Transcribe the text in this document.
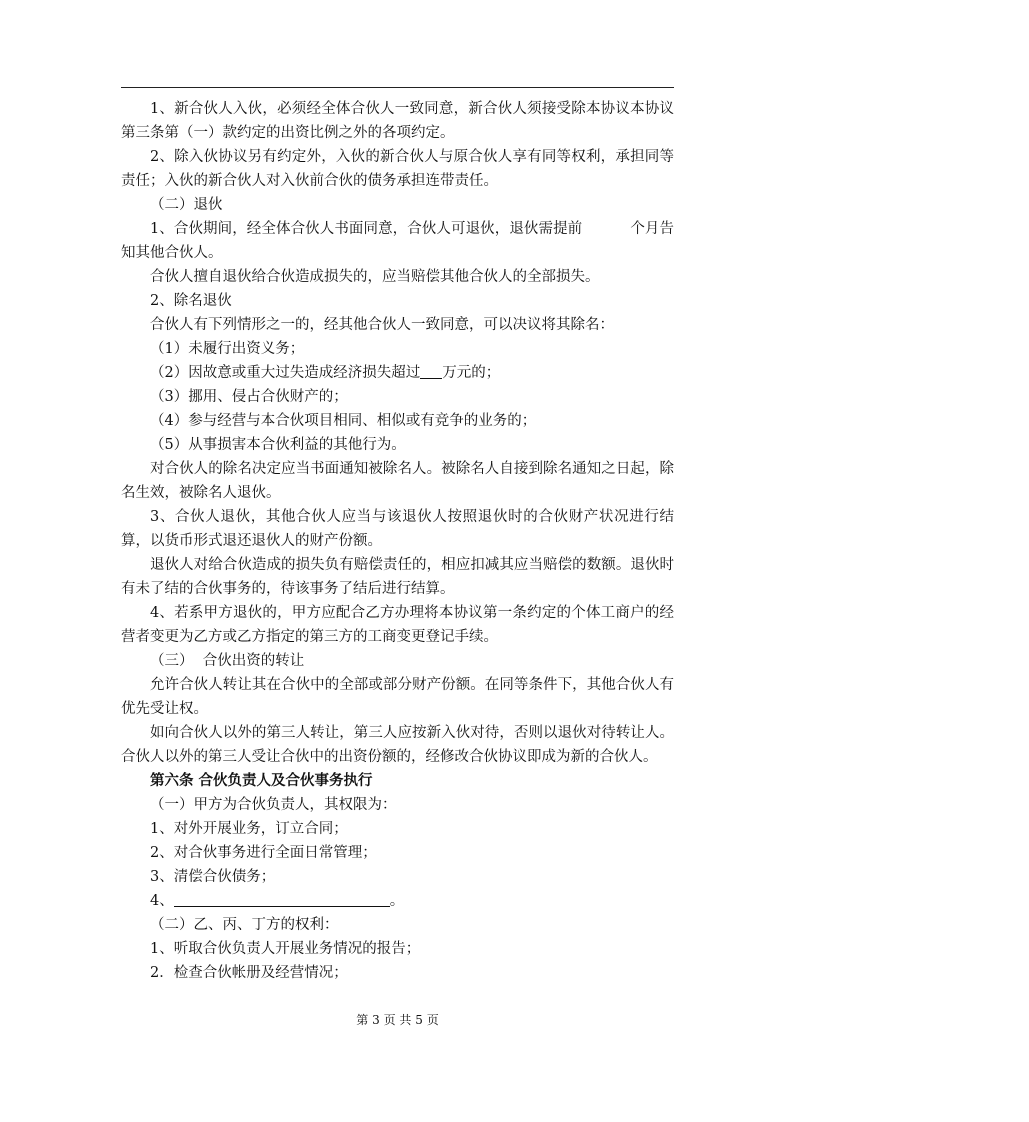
1、新合伙人入伙，必须经全体合伙人一致同意，新合伙人须接受除本协议本协议第三条第（一）款约定的出资比例之外的各项约定。

2、除入伙协议另有约定外，入伙的新合伙人与原合伙人享有同等权利，承担同等责任；入伙的新合伙人对入伙前合伙的债务承担连带责任。

（二）退伙

1、合伙期间，经全体合伙人书面同意，合伙人可退伙，退伙需提前	个月告知其他合伙人。

合伙人擅自退伙给合伙造成损失的，应当赔偿其他合伙人的全部损失。

2、除名退伙

合伙人有下列情形之一的，经其他合伙人一致同意，可以决议将其除名：

（1）未履行出资义务；

（2）因故意或重大过失造成经济损失超过 万元的；

（3）挪用、侵占合伙财产的；

（4）参与经营与本合伙项目相同、相似或有竞争的业务的；

（5）从事损害本合伙利益的其他行为。

对合伙人的除名决定应当书面通知被除名人。被除名人自接到除名通知之日起，除名生效，被除名人退伙。

3、合伙人退伙，其他合伙人应当与该退伙人按照退伙时的合伙财产状况进行结算，以货币形式退还退伙人的财产份额。

退伙人对给合伙造成的损失负有赔偿责任的，相应扣减其应当赔偿的数额。退伙时有未了结的合伙事务的，待该事务了结后进行结算。

4、若系甲方退伙的，甲方应配合乙方办理将本协议第一条约定的个体工商户的经营者变更为乙方或乙方指定的第三方的工商变更登记手续。

（三）  合伙出资的转让

允许合伙人转让其在合伙中的全部或部分财产份额。在同等条件下，其他合伙人有优先受让权。

如向合伙人以外的第三人转让，第三人应按新入伙对待，否则以退伙对待转让人。合伙人以外的第三人受让合伙中的出资份额的，经修改合伙协议即成为新的合伙人。

第六条 合伙负责人及合伙事务执行

（一）甲方为合伙负责人，其权限为：

1、对外开展业务，订立合同；

2、对合伙事务进行全面日常管理；

3、清偿合伙债务；

4、	。

（二）乙、丙、丁方的权利：

1、听取合伙负责人开展业务情况的报告；

2．检查合伙帐册及经营情况；

第 3 页 共 5 页
